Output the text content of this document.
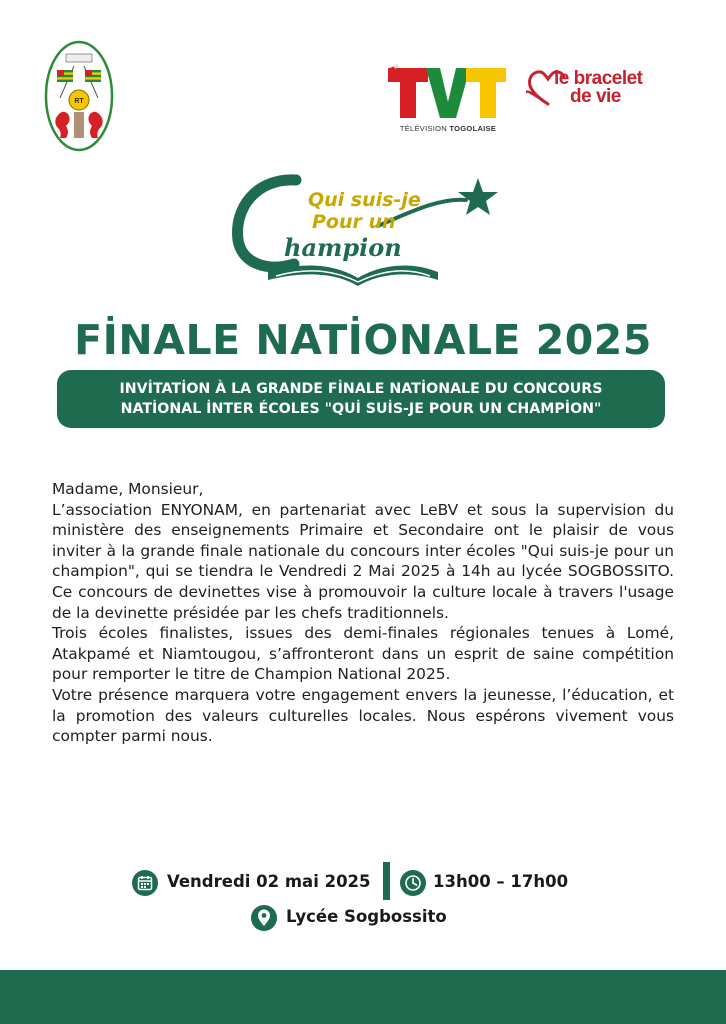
RT
TÉLÉVISION TOGOLAISE
le bracelet
de vie
Qui suis-je
Pour un
hampion
FİNALE NATİONALE 2025
INVİTATİON À LA GRANDE FİNALE NATİONALE DU CONCOURS
NATİONAL İNTER ÉCOLES "QUİ SUİS-JE POUR UN CHAMPİON"

Madame, Monsieur,

L’association ENYONAM, en partenariat avec LeBV et sous la supervision du ministère des enseignements Primaire et Secondaire ont le plaisir de vous inviter à la grande finale nationale du concours inter écoles "Qui suis-je pour un champion", qui se tiendra le Vendredi 2 Mai 2025 à 14h au lycée SOGBOSSITO. Ce concours de devinettes vise à promouvoir la culture locale à travers l'usage de la devinette présidée par les chefs traditionnels.

Trois écoles finalistes, issues des demi-finales régionales tenues à Lomé, Atakpamé et Niamtougou, s’affronteront dans un esprit de saine compétition pour remporter le titre de Champion National 2025.

Votre présence marquera votre engagement envers la jeunesse, l’éducation, et la promotion des valeurs culturelles locales. Nous espérons vivement vous compter parmi nous.

Vendredi 02 mai 2025	13h00 – 17h00
Lycée Sogbossito
